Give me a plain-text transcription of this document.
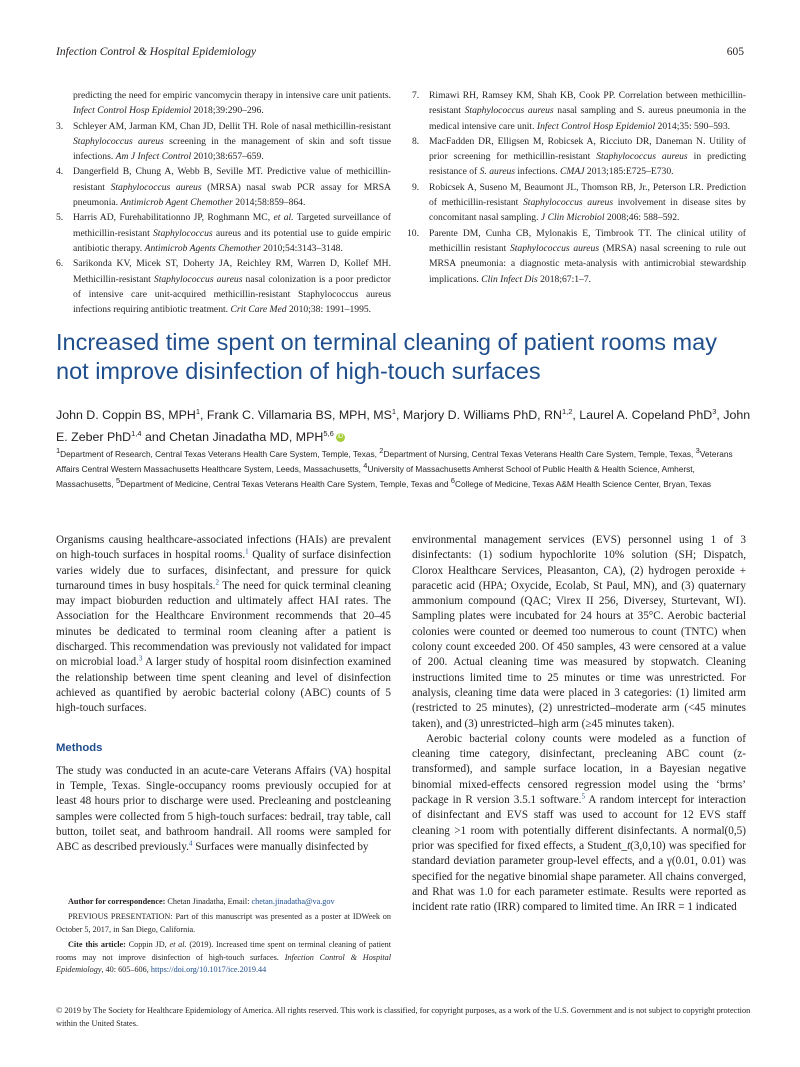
Infection Control & Hospital Epidemiology	605
predicting the need for empiric vancomycin therapy in intensive care unit patients. Infect Control Hosp Epidemiol 2018;39:290–296.
3. Schleyer AM, Jarman KM, Chan JD, Dellit TH. Role of nasal methicillin-resistant Staphylococcus aureus screening in the management of skin and soft tissue infections. Am J Infect Control 2010;38:657–659.
4. Dangerfield B, Chung A, Webb B, Seville MT. Predictive value of methicillin-resistant Staphylococcus aureus (MRSA) nasal swab PCR assay for MRSA pneumonia. Antimicrob Agent Chemother 2014;58:859–864.
5. Harris AD, Furehabilitationno JP, Roghmann MC, et al. Targeted surveillance of methicillin-resistant Staphylococcus aureus and its potential use to guide empiric antibiotic therapy. Antimicrob Agents Chemother 2010;54:3143–3148.
6. Sarikonda KV, Micek ST, Doherty JA, Reichley RM, Warren D, Kollef MH. Methicillin-resistant Staphylococcus aureus nasal colonization is a poor predictor of intensive care unit-acquired methicillin-resistant Staphylococcus aureus infections requiring antibiotic treatment. Crit Care Med 2010;38: 1991–1995.
7. Rimawi RH, Ramsey KM, Shah KB, Cook PP. Correlation between methicillin-resistant Staphylococcus aureus nasal sampling and S. aureus pneumonia in the medical intensive care unit. Infect Control Hosp Epidemiol 2014;35: 590–593.
8. MacFadden DR, Elligsen M, Robicsek A, Ricciuto DR, Daneman N. Utility of prior screening for methicillin-resistant Staphylococcus aureus in predicting resistance of S. aureus infections. CMAJ 2013;185:E725–E730.
9. Robicsek A, Suseno M, Beaumont JL, Thomson RB, Jr., Peterson LR. Prediction of methicillin-resistant Staphylococcus aureus involvement in disease sites by concomitant nasal sampling. J Clin Microbiol 2008;46: 588–592.
10. Parente DM, Cunha CB, Mylonakis E, Timbrook TT. The clinical utility of methicillin resistant Staphylococcus aureus (MRSA) nasal screening to rule out MRSA pneumonia: a diagnostic meta-analysis with antimicrobial stewardship implications. Clin Infect Dis 2018;67:1–7.
Increased time spent on terminal cleaning of patient rooms may not improve disinfection of high-touch surfaces
John D. Coppin BS, MPH$^1$, Frank C. Villamaria BS, MPH, $MS^1$, Marjory D. Williams PhD, RN$^{1,2}$, Laurel A. Copeland PhD$^3$, John E. Zeber PhD$^{1,4}$ and Chetan Jinadatha MD, MPH$^{5,6}$ iD
$^1$Department of Research, Central Texas Veterans Health Care System, Temple, Texas, $^2$Department of Nursing, Central Texas Veterans Health Care System, Temple, Texas, $^3$Veterans Affairs Central Western Massachusetts Healthcare System, Leeds, Massachusetts, $^4$University of Massachusetts Amherst School of Public Health & Health Science, Amherst, Massachusetts, $^5$Department of Medicine, Central Texas Veterans Health Care System, Temple, Texas and $^6$College of Medicine, Texas A&M Health Science Center, Bryan, Texas

Organisms causing healthcare-associated infections (HAIs) are prevalent on high-touch surfaces in hospital rooms.$^1$ Quality of surface disinfection varies widely due to surfaces, disinfectant, and pressure for quick turnaround times in busy hospitals.$^2$ The need for quick terminal cleaning may impact bioburden reduction and ultimately affect HAI rates. The Association for the Healthcare Environment recommends that 20–45 minutes be dedicated to terminal room cleaning after a patient is discharged. This recommendation was previously not validated for impact on microbial load.$^3$ A larger study of hospital room disinfection examined the relationship between time spent cleaning and level of disinfection achieved as quantified by aerobic bacterial colony (ABC) counts of 5 high-touch surfaces.

Methods

The study was conducted in an acute-care Veterans Affairs (VA) hospital in Temple, Texas. Single-occupancy rooms previously occupied for at least 48 hours prior to discharge were used. Precleaning and postcleaning samples were collected from 5 high-touch surfaces: bedrail, tray table, call button, toilet seat, and bathroom handrail. All rooms were sampled for ABC as described previously.$^4$ Surfaces were manually disinfected by

environmental management services (EVS) personnel using 1 of 3 disinfectants: (1) sodium hypochlorite 10% solution (SH; Dispatch, Clorox Healthcare Services, Pleasanton, CA), (2) hydrogen peroxide + paracetic acid (HPA; Oxycide, Ecolab, St Paul, MN), and (3) quaternary ammonium compound (QAC; Virex II 256, Diversey, Sturtevant, WI). Sampling plates were incubated for 24 hours at 35°C. Aerobic bacterial colonies were counted or deemed too numerous to count (TNTC) when colony count exceeded 200. Of 450 samples, 43 were censored at a value of 200. Actual cleaning time was measured by stopwatch. Cleaning instructions limited time to 25 minutes or time was unrestricted. For analysis, cleaning time data were placed in 3 categories: (1) limited arm (restricted to 25 minutes), (2) unrestricted–moderate arm (<45 minutes taken), and (3) unrestricted–high arm (≥45 minutes taken).

Aerobic bacterial colony counts were modeled as a function of cleaning time category, disinfectant, precleaning ABC count (z-transformed), and sample surface location, in a Bayesian negative binomial mixed-effects censored regression model using the ‘brms’ package in R version 3.5.1 software.$^5$ A random intercept for interaction of disinfectant and EVS staff was used to account for 12 EVS staff cleaning >1 room with potentially different disinfectants. A normal(0,5) prior was specified for fixed effects, a Student_t(3,0,10) was specified for standard deviation parameter group-level effects, and a γ(0.01, 0.01) was specified for the negative binomial shape parameter. All chains converged, and Rhat was 1.0 for each parameter estimate. Results were reported as incident rate ratio (IRR) compared to limited time. An IRR = 1 indicated

Author for correspondence: Chetan Jinadatha, Email: chetan.jinadatha@va.gov

PREVIOUS PRESENTATION: Part of this manuscript was presented as a poster at IDWeek on October 5, 2017, in San Diego, California.

Cite this article: Coppin JD, et al. (2019). Increased time spent on terminal cleaning of patient rooms may not improve disinfection of high-touch surfaces. Infection Control & Hospital Epidemiology, 40: 605–606, https://doi.org/10.1017/ice.2019.44

© 2019 by The Society for Healthcare Epidemiology of America. All rights reserved. This work is classified, for copyright purposes, as a work of the U.S. Government and is not subject to copyright protection within the United States.
